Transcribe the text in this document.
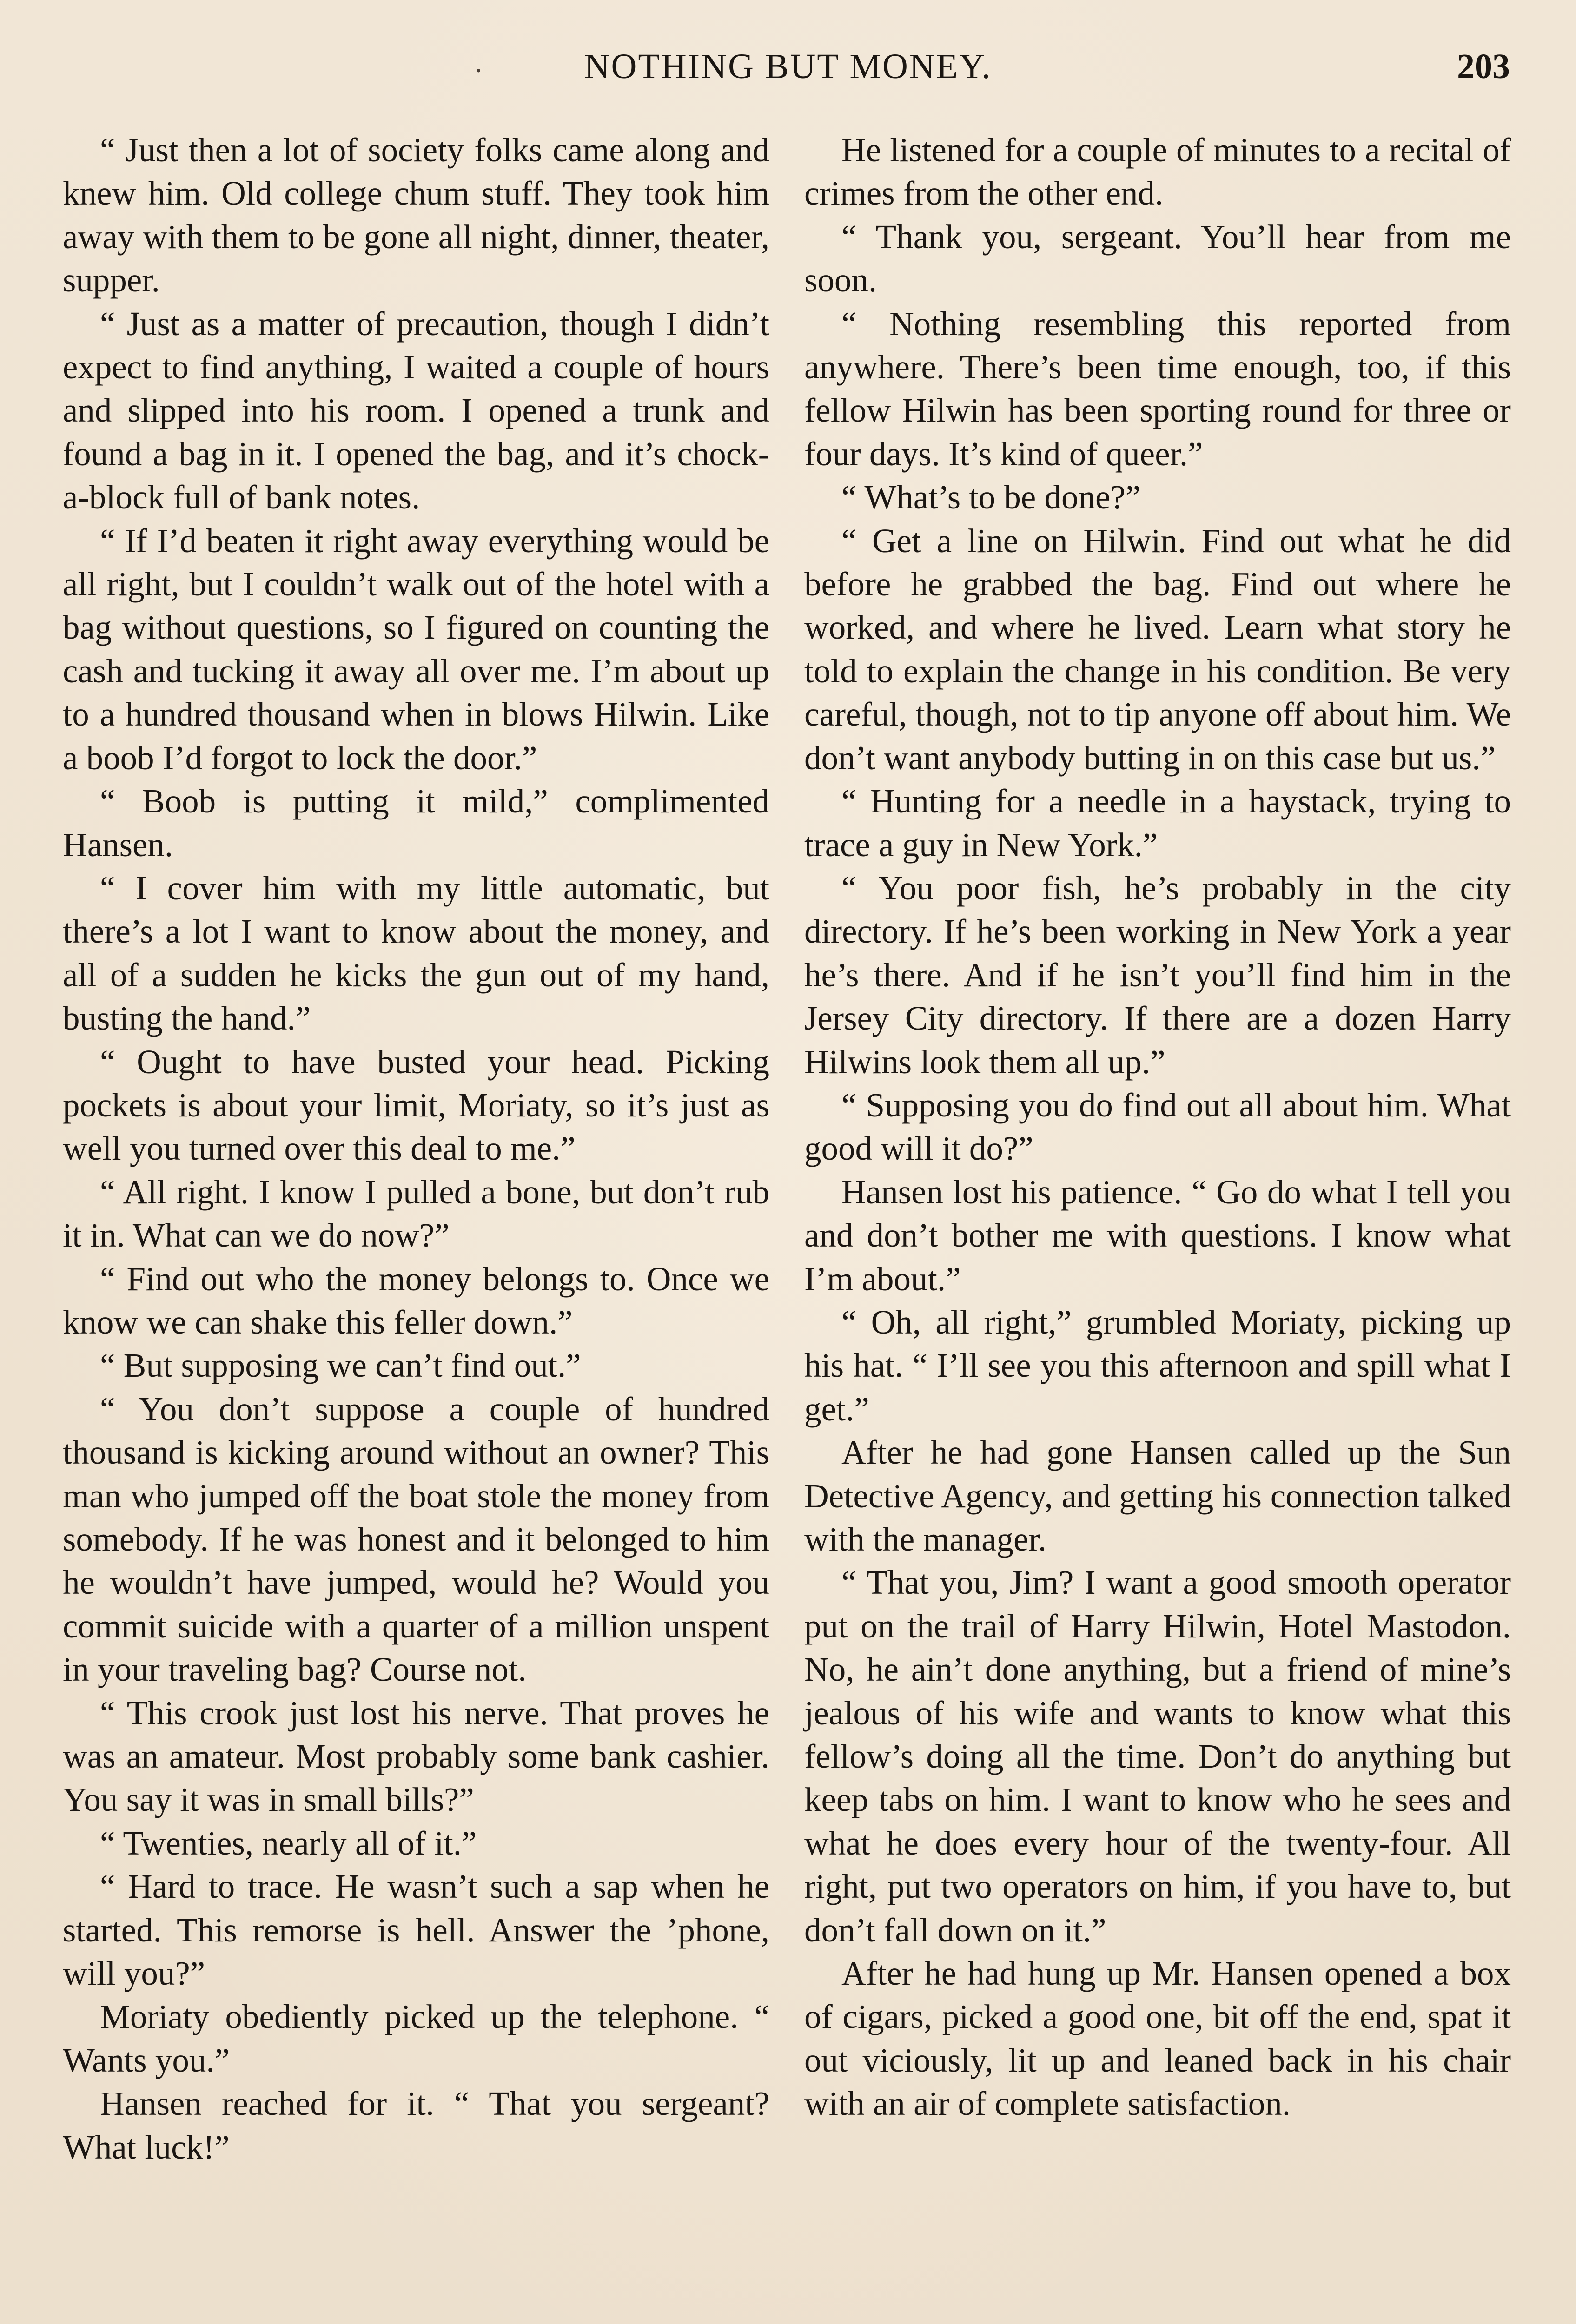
·	NOTHING BUT MONEY.	203

“ Just then a lot of society folks came along and knew him. Old college chum stuff. They took him away with them to be gone all night, dinner, theater, supper.

“ Just as a matter of precaution, though I didn’t expect to find anything, I waited a couple of hours and slipped into his room. I opened a trunk and found a bag in it. I opened the bag, and it’s chock-a-block full of bank notes.

“ If I’d beaten it right away everything would be all right, but I couldn’t walk out of the hotel with a bag without questions, so I figured on counting the cash and tucking it away all over me. I’m about up to a hundred thousand when in blows Hilwin. Like a boob I’d forgot to lock the door.”

“ Boob is putting it mild,” complimented Hansen.

“ I cover him with my little automatic, but there’s a lot I want to know about the money, and all of a sudden he kicks the gun out of my hand, busting the hand.”

“ Ought to have busted your head. Picking pockets is about your limit, Moriaty, so it’s just as well you turned over this deal to me.”

“ All right. I know I pulled a bone, but don’t rub it in. What can we do now?”

“ Find out who the money belongs to. Once we know we can shake this feller down.”

“ But supposing we can’t find out.”

“ You don’t suppose a couple of hundred thousand is kicking around without an owner? This man who jumped off the boat stole the money from somebody. If he was honest and it belonged to him he wouldn’t have jumped, would he? Would you commit suicide with a quarter of a million unspent in your traveling bag? Course not.

“ This crook just lost his nerve. That proves he was an amateur. Most probably some bank cashier. You say it was in small bills?”

“ Twenties, nearly all of it.”

“ Hard to trace. He wasn’t such a sap when he started. This remorse is hell. Answer the ’phone, will you?”

Moriaty obediently picked up the telephone. “ Wants you.”

Hansen reached for it. “ That you sergeant? What luck!”

He listened for a couple of minutes to a recital of crimes from the other end.

“ Thank you, sergeant. You’ll hear from me soon.

“ Nothing resembling this reported from anywhere. There’s been time enough, too, if this fellow Hilwin has been sporting round for three or four days. It’s kind of queer.”

“ What’s to be done?”

“ Get a line on Hilwin. Find out what he did before he grabbed the bag. Find out where he worked, and where he lived. Learn what story he told to explain the change in his condition. Be very careful, though, not to tip anyone off about him. We don’t want anybody butting in on this case but us.”

“ Hunting for a needle in a haystack, trying to trace a guy in New York.”

“ You poor fish, he’s probably in the city directory. If he’s been working in New York a year he’s there. And if he isn’t you’ll find him in the Jersey City directory. If there are a dozen Harry Hilwins look them all up.”

“ Supposing you do find out all about him. What good will it do?”

Hansen lost his patience. “ Go do what I tell you and don’t bother me with questions. I know what I’m about.”

“ Oh, all right,” grumbled Moriaty, picking up his hat. “ I’ll see you this afternoon and spill what I get.”

After he had gone Hansen called up the Sun Detective Agency, and getting his connection talked with the manager.

“ That you, Jim? I want a good smooth operator put on the trail of Harry Hilwin, Hotel Mastodon. No, he ain’t done anything, but a friend of mine’s jealous of his wife and wants to know what this fellow’s doing all the time. Don’t do anything but keep tabs on him. I want to know who he sees and what he does every hour of the twenty-four. All right, put two operators on him, if you have to, but don’t fall down on it.”

After he had hung up Mr. Hansen opened a box of cigars, picked a good one, bit off the end, spat it out viciously, lit up and leaned back in his chair with an air of complete satisfaction.
